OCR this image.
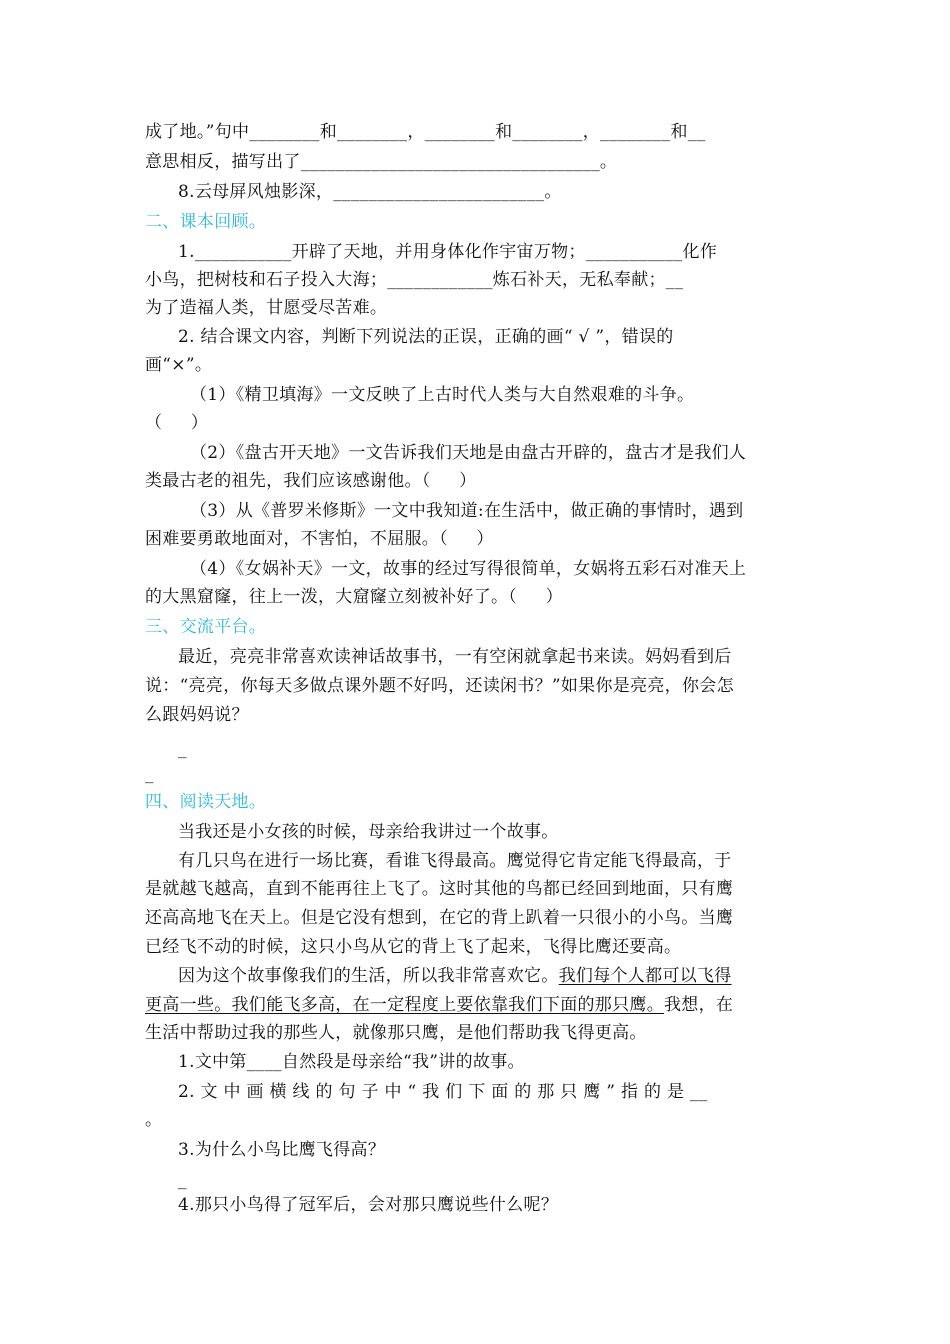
成了地。”句中________和________，________和________，________和__
意思相反，描写出了__________________________________。
8.云母屏风烛影深，________________________。
二、课本回顾。
1.___________开辟了天地，并用身体化作宇宙万物；___________化作
小鸟，把树枝和石子投入大海；____________炼石补天，无私奉献；__
为了造福人类，甘愿受尽苦难。
2. 结合课文内容，判断下列说法的正误，正确的画“ √ ”，错误的
画“×”。
（1）《精卫填海》一文反映了上古时代人类与大自然艰难的斗争。
（     ）
（2）《盘古开天地》一文告诉我们天地是由盘古开辟的，盘古才是我们人
类最古老的祖先，我们应该感谢他。（     ）
（3）从《普罗米修斯》一文中我知道:在生活中，做正确的事情时，遇到
困难要勇敢地面对，不害怕，不屈服。（     ）
（4）《女娲补天》一文，故事的经过写得很简单，女娲将五彩石对准天上
的大黑窟窿，往上一泼，大窟窿立刻被补好了。（     ）
三、交流平台。
最近，亮亮非常喜欢读神话故事书，一有空闲就拿起书来读。妈妈看到后
说：“亮亮，你每天多做点课外题不好吗，还读闲书？”如果你是亮亮，你会怎
么跟妈妈说？
_
_
四、阅读天地。
当我还是小女孩的时候，母亲给我讲过一个故事。
有几只鸟在进行一场比赛，看谁飞得最高。鹰觉得它肯定能飞得最高，于
是就越飞越高，直到不能再往上飞了。这时其他的鸟都已经回到地面，只有鹰
还高高地飞在天上。但是它没有想到，在它的背上趴着一只很小的小鸟。当鹰
已经飞不动的时候，这只小鸟从它的背上飞了起来，飞得比鹰还要高。
因为这个故事像我们的生活，所以我非常喜欢它。我们每个人都可以飞得
更高一些。我们能飞多高，在一定程度上要依靠我们下面的那只鹰。我想，在
生活中帮助过我的那些人，就像那只鹰，是他们帮助我飞得更高。
1.文中第____自然段是母亲给“我”讲的故事。
2. 文 中 画 横 线 的 句 子 中 “ 我 们 下 面 的 那 只 鹰 ” 指 的 是 __
。
3.为什么小鸟比鹰飞得高？
_
4.那只小鸟得了冠军后，会对那只鹰说些什么呢？
